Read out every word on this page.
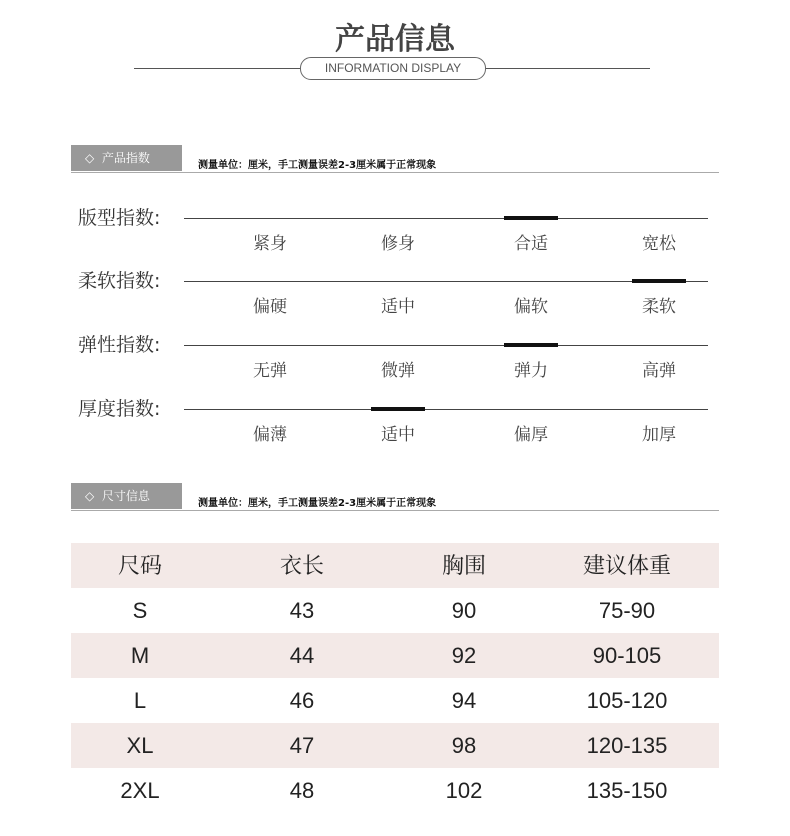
产品信息
INFORMATION DISPLAY
◇ 产品指数
测量单位：厘米，手工测量误差2-3厘米属于正常现象
版型指数:
紧身	修身	合适	宽松
柔软指数:
偏硬	适中	偏软	柔软
弹性指数:
无弹	微弹	弹力	高弹
厚度指数:
偏薄	适中	偏厚	加厚
◇ 尺寸信息
测量单位：厘米，手工测量误差2-3厘米属于正常现象
尺码	衣长	胸围	建议体重
S	43	90	75-90
M	44	92	90-105
L	46	94	105-120
XL	47	98	120-135
2XL	48	102	135-150
